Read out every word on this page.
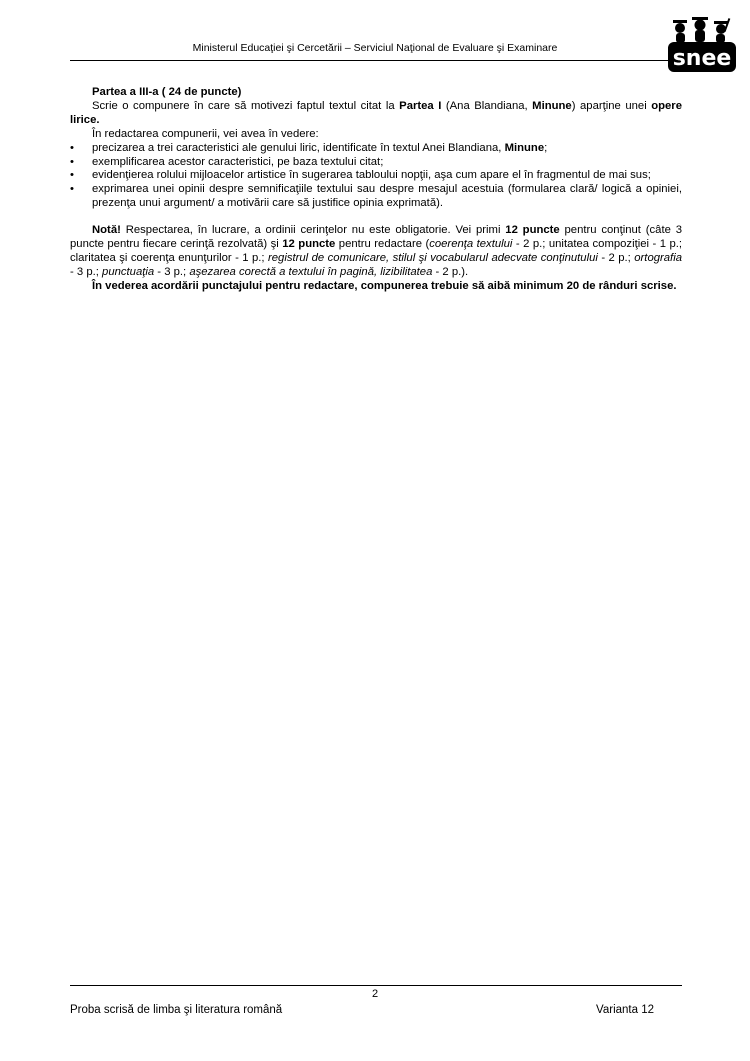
Ministerul Educaţiei şi Cercetării – Serviciul Naţional de Evaluare şi Examinare	snee

Partea a III-a ( 24 de puncte)

Scrie o compunere în care să motivezi faptul textul citat la Partea I (Ana Blandiana, Minune) aparţine unei opere lirice.

În redactarea compunerii, vei avea în vedere:

• precizarea a trei caracteristici ale genului liric, identificate în textul Anei Blandiana, Minune;
• exemplificarea acestor caracteristici, pe baza textului citat;
• evidenţierea rolului mijloacelor artistice în sugerarea tabloului nopţii, aşa cum apare el în fragmentul de mai sus;
• exprimarea unei opinii despre semnificaţiile textului sau despre mesajul acestuia (formularea clară/ logică a opiniei, prezenţa unui argument/ a motivării care să justifice opinia exprimată).

Notă! Respectarea, în lucrare, a ordinii cerinţelor nu este obligatorie. Vei primi 12 puncte pentru conţinut (câte 3 puncte pentru fiecare cerinţă rezolvată) şi 12 puncte pentru redactare (coerenţa textului - 2 p.; unitatea compoziţiei - 1 p.; claritatea şi coerenţa enunţurilor - 1 p.; registrul de comunicare, stilul şi vocabularul adecvate conţinutului - 2 p.; ortografia - 3 p.; punctuaţia - 3 p.; aşezarea corectă a textului în pagină, lizibilitatea - 2 p.).

În vederea acordării punctajului pentru redactare, compunerea trebuie să aibă minimum 20 de rânduri scrise.

2
Proba scrisă de limba şi literatura română	Varianta 12
